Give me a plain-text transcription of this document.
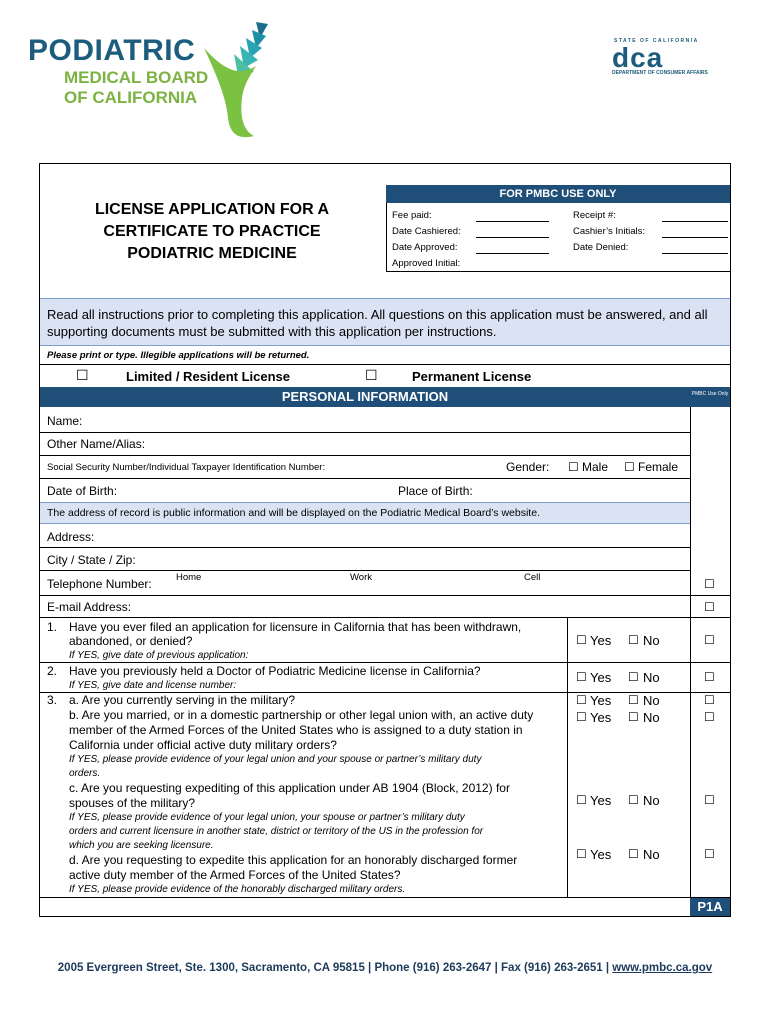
PODIATRIC
MEDICAL BOARD
OF CALIFORNIA
STATE OF CALIFORNIA
dca
DEPARTMENT OF CONSUMER AFFAIRS
LICENSE APPLICATION FOR A
CERTIFICATE TO PRACTICE
PODIATRIC MEDICINE
FOR PMBC USE ONLY
Fee paid:	Receipt #:
Date Cashiered:	Cashier’s Initials:
Date Approved:	Date Denied:
Approved Initial:
Read all instructions prior to completing this application. All questions on this application must be answered, and all supporting documents must be submitted with this application per instructions.
Please print or type. Illegible applications will be returned.
☐	Limited / Resident License	☐	Permanent License
PERSONAL INFORMATION	PMBC Use Only
Name:
Other Name/Alias:
Social Security Number/Individual Taxpayer Identification Number:	Gender: ☐ Male ☐ Female
Date of Birth:	Place of Birth:
The address of record is public information and will be displayed on the Podiatric Medical Board’s website.
Address:
City / State / Zip:
Telephone Number:	Home	Work	Cell	☐
E-mail Address:	☐
1. Have you ever filed an application for licensure in California that has been withdrawn,
abandoned, or denied?
If YES, give date of previous application:
☐ Yes ☐ No	☐
2. Have you previously held a Doctor of Podiatric Medicine license in California?
If YES, give date and license number:
☐ Yes ☐ No	☐
3. a. Are you currently serving in the military?	☐ Yes ☐ No	☐
b. Are you married, or in a domestic partnership or other legal union with, an active duty
member of the Armed Forces of the United States who is assigned to a duty station in
California under official active duty military orders?
If YES, please provide evidence of your legal union and your spouse or partner’s military duty
orders.
☐ Yes ☐ No	☐
c. Are you requesting expediting of this application under AB 1904 (Block, 2012) for
spouses of the military?
If YES, please provide evidence of your legal union, your spouse or partner’s military duty
orders and current licensure in another state, district or territory of the US in the profession for
which you are seeking licensure.
☐ Yes ☐ No	☐
d. Are you requesting to expedite this application for an honorably discharged former
active duty member of the Armed Forces of the United States?
If YES, please provide evidence of the honorably discharged military orders.
☐ Yes ☐ No	☐
P1A
2005 Evergreen Street, Ste. 1300, Sacramento, CA 95815 | Phone (916) 263-2647 | Fax (916) 263-2651 | www.pmbc.ca.gov
